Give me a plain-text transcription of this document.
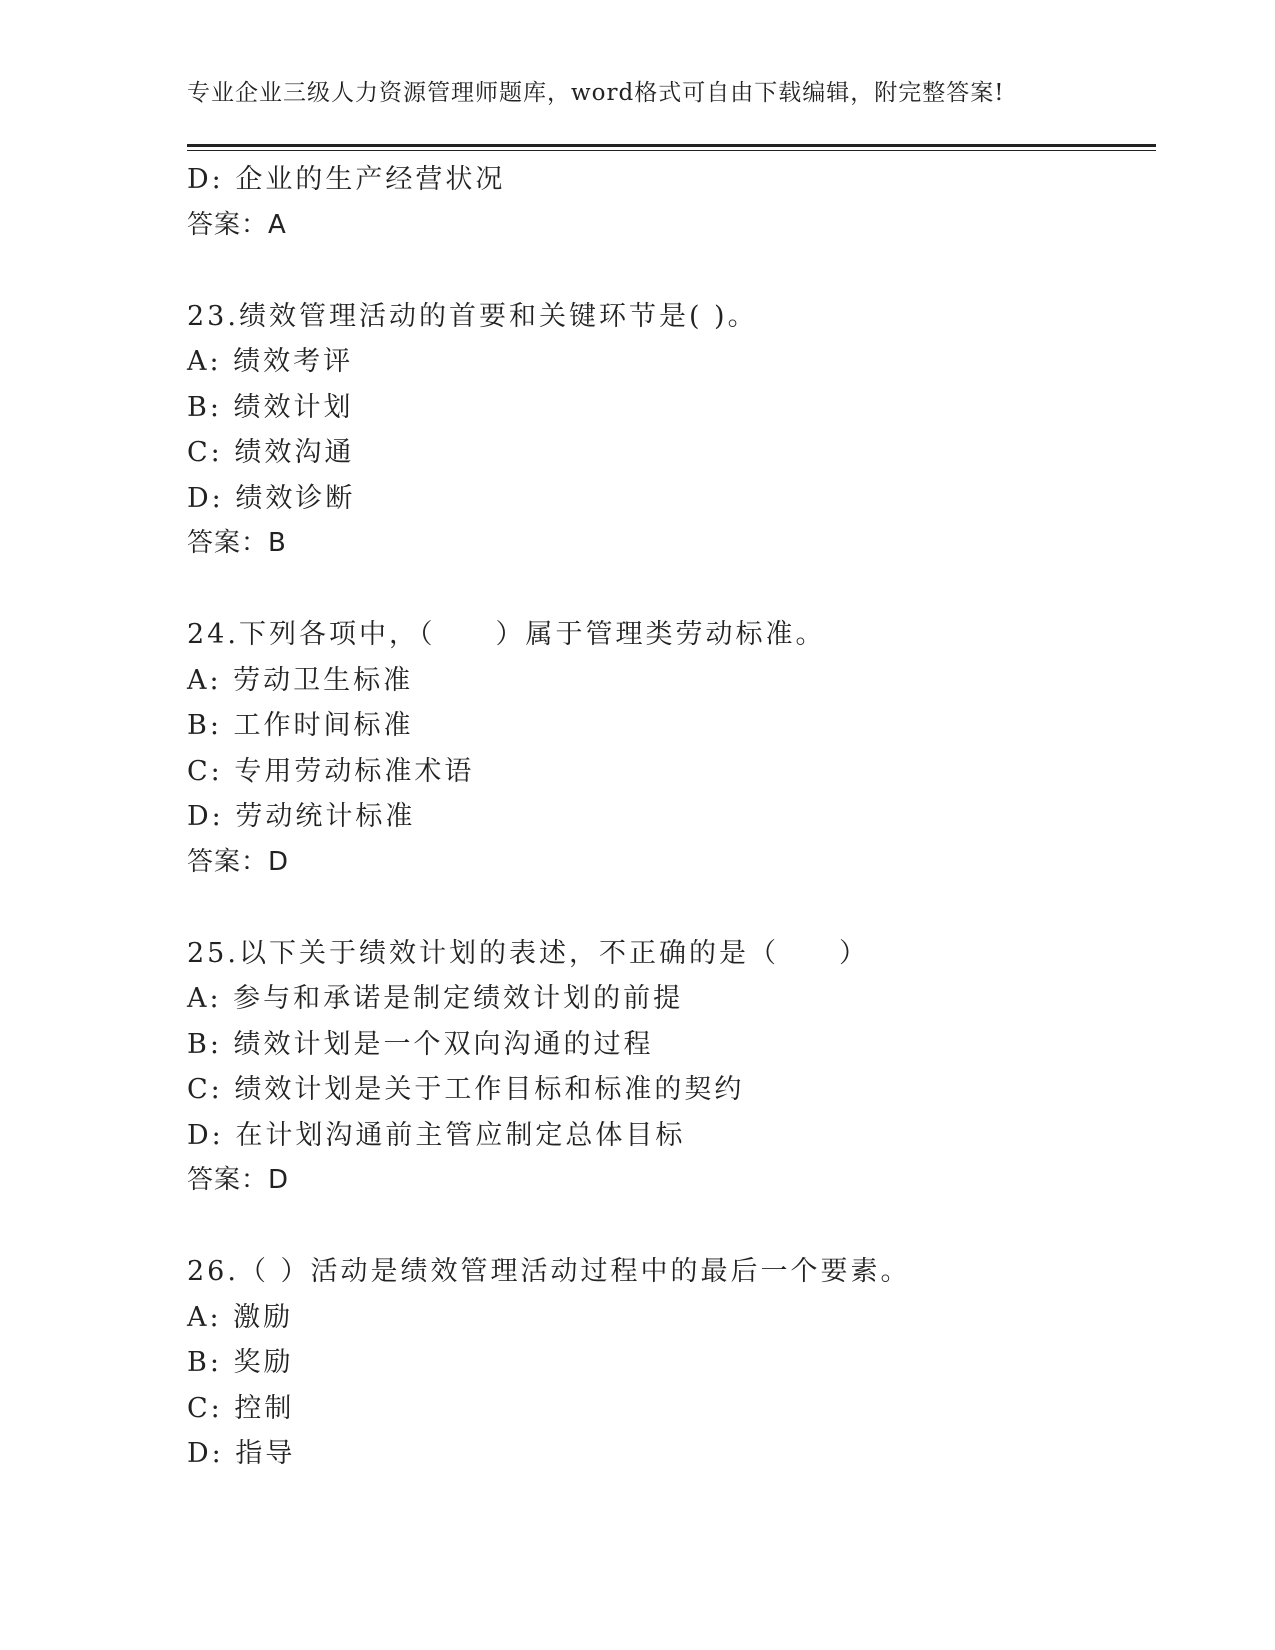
专业企业三级人力资源管理师题库，word格式可自由下载编辑，附完整答案!
D: 企业的生产经营状况
答案：A
23.绩效管理活动的首要和关键环节是( )。
A: 绩效考评
B: 绩效计划
C: 绩效沟通
D: 绩效诊断
答案：B
24.下列各项中，（　　）属于管理类劳动标准。
A: 劳动卫生标准
B: 工作时间标准
C: 专用劳动标准术语
D: 劳动统计标准
答案：D
25.以下关于绩效计划的表述，不正确的是（　　）
A: 参与和承诺是制定绩效计划的前提
B: 绩效计划是一个双向沟通的过程
C: 绩效计划是关于工作目标和标准的契约
D: 在计划沟通前主管应制定总体目标
答案：D
26.（ ）活动是绩效管理活动过程中的最后一个要素。
A: 激励
B: 奖励
C: 控制
D: 指导
